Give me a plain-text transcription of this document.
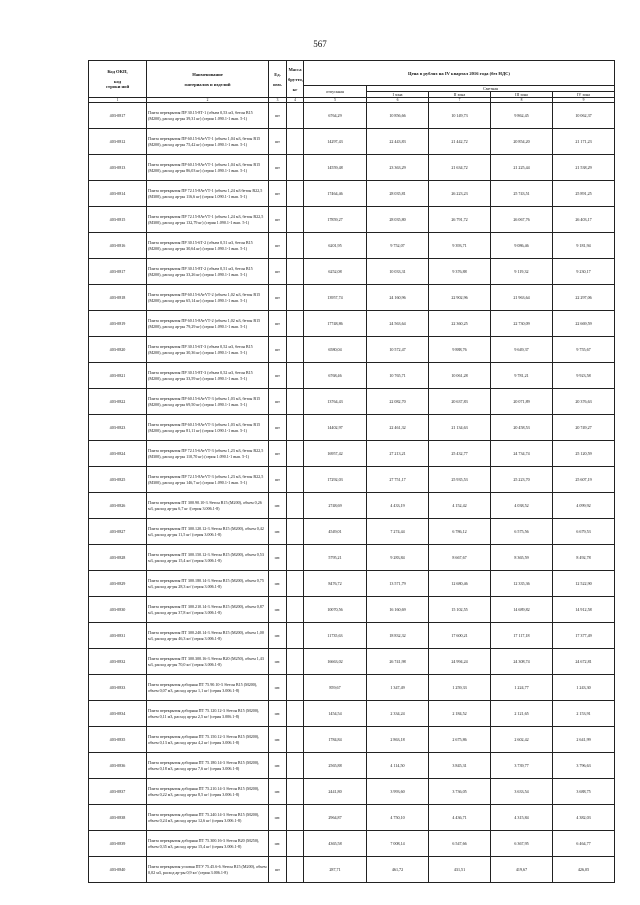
567
Код ОКП,

код
строки ной	Наименование

материалов и изделий	Ед.

изм.	Масса

брутто,

кг	Цена в рублях на IV квартал 2016 года (без НДС)				
				отпускная	Сметная			
					I зона	II зона	III зона	IV зона
1	2	3	4	5	6	7	8	9
403-0817	Плита перекрытия ПР 30.15-8Т-1 (объем 0,53 м3, бетон В15 (М200), расход ар-ры 39,31 кг) (серия 1.090.1-1 вып. 5-1)	шт		6764,29	10 856,66	10 149,73	9 862,45	10 062,37
403-0812	Плита перекрытия ПР 60.15-6АтVТ-1 (объем 1,04 м3, бетон В15 (М200), расход ар-ры 75,42 кг) (серия 1.090.1-1 вып. 5-1)	шт		14297,43	22 443,83	21 442,72	20 854,20	21 171,23
403-0813	Плита перекрытия ПР 60.15-8АтVТ-1 (объем 1,04 м3, бетон В15 (М200), расход ар-ры 86,03 кг) (серия 1.090.1-1 вып. 5-1)	шт		14559,48	23 363,29	21 634,72	21 225,44	21 538,29
403-0814	Плита перекрытия ПР 72.15-8АтVТ-1 (объем 1,24 м3 бетон В22,5 (М300), расход ар-ры 116,6 кг) (серия 1.090.1-1 вып. 5-1)	шт		17464,46	28 035,81	26 223,23	25 743,51	25 891,25
403-0815	Плита перекрытия ПР 72.15-8АтVТ-1 (объем 1,24 м3, бетон В22,5 (М300), расход ар-ры 132,79 кг) (серия 1.090.1-1 вып. 5-1)	шт		17859,27	28 035,80	26 791,72	26 067,76	26 403,17
403-0816	Плита перекрытия ПР 30.15-6Т-2 (объем 0,51 м3, бетон В15 (М200), расход ар-ры 30,64 кг) (серия 1.090.1-1 вып. 5-1)	шт		6201,95	9 752,07	9 393,71	9 086,46	9 181,94
403-0817	Плита перекрытия ПР 30.15-8Т-2 (объем 0,51 м3, бетон В15 (М200), расход ар-ры 33,26 кг) (серия 1.090.1-1 вып. 5-1)	шт		6252,08	10 033,31	9 376,88	9 119,32	9 230,17
403-0818	Плита перекрытия ПР 60.15-6АтVТ-2 (объем 1,02 м3, бетон В15 (М200), расход ар-ры 65,14 кг) (серия 1.090.1-1 вып. 5-1)	шт		13957,74	24 160,96	22 902,96	21 963,64	22 297,06
403-0819	Плита перекрытия ПР 60.15-8АтVТ-2 (объем 1,02 м3, бетон В15 (М200), расход ар-ры 79,29 кг) (серия 1.090.1-1 вып. 5-1)	шт		17748,86	24 563,64	22 360,25	22 730,09	22 669,59
403-0820	Плита перекрытия ПР 30.15-6Т-3 (объем 0,52 м3, бетон В15 (М200), расход ар-ры 30,36 кг) (серия 1.090.1-1 вып. 5-1)	шт		6580,04	10 572,47	9 888,76	9 649,37	9 755,67
403-0821	Плита перекрытия ПР 30.15-8Т-3 (объем 0,52 м3, бетон В15 (М200), расход ар-ры 33,59 кг) (серия 1.090.1-1 вып. 5-1)	шт		6768,46	10 765,71	10 061,28	9 781,21	9 923,58
403-0822	Плита перекрытия ПР 60.15-6АтVТ-3 (объем 1,03 м3, бетон В15 (М200), расход ар-ры 69,50 кг) (серия 1.090.1-1 вып. 5-1)	шт		13764,43	22 082,70	20 637,83	20 071,89	20 376,63
403-0823	Плита перекрытия ПР 60.15-8АтVТ-3 (объем 1,03 м3, бетон В15 (М200), расход ар-ры 81,11 кг) (серия 1.090.1-1 вып. 5-1)	шт		14402,97	22 461,32	21 134,63	20 458,53	20 749,27
403-0824	Плита перекрытия ПР 72.15-6АтVТ-3 (объем 1,23 м3, бетон В22,5 (М300), расход ар-ры 110,70 кг) (серия 1.090.1-1 вып. 5-1)	шт		16957,42	27 213,21	25 432,77	24 734,74	25 120,59
403-0825	Плита перекрытия ПР 72.15-8АтVТ-3 (объем 1,23 м3, бетон В22,5 (М300), расход ар-ры 146,7 кг) (серия 1.090.1-1 вып. 5-1)	шт		17292,03	27 751,17	25 935,53	25 223,70	25 607,19
403-0826	Плита перекрытия ПТ 300.90.10-3 /бетон В15 (М200), объем 0,26 м3, расход ар-ры 6,7 кг /(серия 3.006.1-8)	шт.		2748,69	4 433,19	4 152,42	4 038,52	4 099,92
403-0827	Плита перекрытия ПТ 300.120.12-3 /бетон В15 (М200), объем 0,42 м3, расход ар-ры 11,5 кг/ (серия 3.006.1-8)	шт.		4549,01	7 274,44	6 786,12	6 575,56	6 679,53
403-0828	Плита перекрытия ПТ 300.150.12-3 /бетон В15 (М200), объем 0,53 м3, расход ар-ры 15,4 кг/ (серия 3.006.1-8)	шт.		5795,21	9 283,84	8 667,67	8 365,59	8 492,78
403-0829	Плита перекрытия ПТ 300.180.14-3 /бетон В15 (М200), объем 0,75 м3, расход ар-ры 28,3 кг/ (серия 3.006.1-8)	шт.		8476,72	13 571,79	12 680,46	12 335,36	12 522,90
403-0830	Плита перекрытия ПТ 300.210.14-3 /бетон В15 (М200), объем 0,87 м3, расход ар-ры 37,8 кг/ (серия 3.006.1-8)	шт.		10070,56	16 160,69	15 102,55	14 689,82	14 912,58
403-0831	Плита перекрытия ПТ 300.240.14-3 /бетон В15 (М200), объем 1,00 м3, расход ар-ры 46,3 кг/ (серия 3.006.1-8)	шт.		11735,63	18 832,32	17 600,21	17 117,18	17 377,49
403-0832	Плита перекрытия ПТ 300.300.16-3 /бетон В20 (М250), объем 1,43 м3, расход ар-ры 70,0 кг/ (серия 3.006.1-8)	шт.		16663,02	26 741,98	24 994,24	24 308,74	24 672,81
403-0833	Плита перекрытия доборная ПТ 75.90.10-3 /бетон В15 (М200), объем 0,07 м3, расход ар-ры 1,1 кг/ (серия 3.006.1-8)	шт.		859,67	1 347,49	1 259,33	1 224,77	1 243,30
403-0834	Плита перекрытия доборная ПТ 75.120.12-3 /бетон В15 (М200), объем 0,11 м3, расход ар-ры 2,5 кг/ (серия 3.006.1-8)	шт.		1454,54	2 334,24	2 184,52	2 121,65	2 153,91
403-0835	Плита перекрытия доборная ПТ 75.150.12-3 /бетон В15 (М200), объем 0,13 м3, расход ар-ры 4,2 кг/ (серия 3.006.1-8)	шт.		1784,84	2 863,18	2 675,86	2 602,42	2 641,99
403-0836	Плита перекрытия доборная ПТ 75.180.14-3 /бетон В15 (М200), объем 0,18 м3, расход ар-ры 7,6 кг/ (серия 3.006.1-8)	шт.		2565,88	4 114,50	3 845,31	3 739,77	3 796,63
403-0837	Плита перекрытия доборная ПТ 75.210.14-3 /бетон В15 (М200), объем 0,22 м3, расход ар-ры 8,5 кг/ (серия 3.006.1-8)	шт.		2441,80	3 993,60	3 736,05	3 633,54	3 688,75
403-0838	Плита перекрытия доборная ПТ 75.240.14-3 /бетон В15 (М200), объем 0,24 м3, расход ар-ры 12,6 кг/ (серия 3.006.1-8)	шт.		2964,87	4 750,10	4 436,71	4 315,84	4 382,03
403-0839	Плита перекрытия доборная ПТ 75.300.16-3 /бетон В20 (М250), объем 0,35 м3, расход ар-ры 15,4 кг/ (серия 3.006.1-8)	шт.		4365,58	7 008,14	6 547,66	6 367,95	6 464,77
403-0840	Плита перекрытия угловая ПТУ 75.45.6-6 /бетон В15 (М200), объем 0,02 м3, расход ар-ры 0,9 кг/ (серия 3.006.1-8)	шт		287,71	461,72	431,51	419,67	426,05
